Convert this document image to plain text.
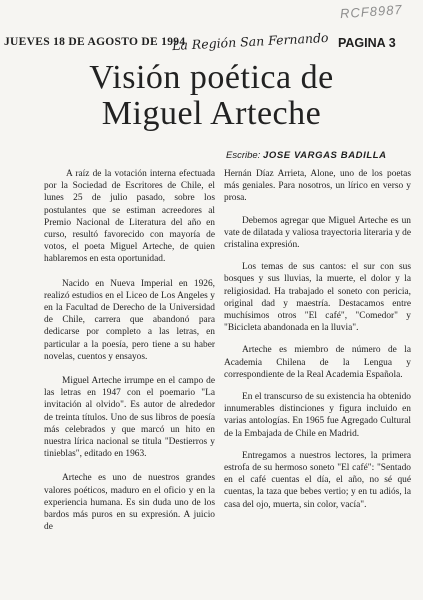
RCF8987
JUEVES 18 DE AGOSTO DE 1994
La Región San Fernando PAGINA 3
Visión poética de
Miguel Arteche
Escribe: JOSE VARGAS BADILLA

A raíz de la votación interna efectuada por la Sociedad de Escritores de Chile, el lunes 25 de julio pasado, sobre los postulantes que se estiman acreedores al Premio Nacional de Literatura del año en curso, resultó favorecido con mayoría de votos, el poeta Miguel Arteche, de quien hablaremos en esta oportunidad.

Nacido en Nueva Imperial en 1926, realizó estudios en el Liceo de Los Angeles y en la Facultad de Derecho de la Universidad de Chile, carrera que abandonó para dedicarse por completo a las letras, en particular a la poesía, pero tiene a su haber novelas, cuentos y ensayos.

Miguel Arteche irrumpe en el campo de las letras en 1947 con el poemario "La invitación al olvido". Es autor de alrededor de treinta títulos. Uno de sus libros de poesía más celebrados y que marcó un hito en nuestra lírica nacional se titula "Destierros y tinieblas", editado en 1963.

Arteche es uno de nuestros grandes valores poéticos, maduro en el oficio y en la experiencia humana. Es sin duda uno de los bardos más puros en su expresión. A juicio de

Hernán Díaz Arrieta, Alone, uno de los poetas más geniales. Para nosotros, un lírico en verso y prosa.

Debemos agregar que Miguel Arteche es un vate de dilatada y valiosa trayectoria literaria y de cristalina expresión.

Los temas de sus cantos: el sur con sus bosques y sus lluvias, la muerte, el dolor y la religiosidad. Ha trabajado el soneto con pericia, original dad y maestría. Destacamos entre muchísimos otros "El café", "Comedor" y "Bicicleta abandonada en la lluvia".

Arteche es miembro de número de la Academia Chilena de la Lengua y correspondiente de la Real Academia Española.

En el transcurso de su existencia ha obtenido innumerables distinciones y figura incluido en varias antologías. En 1965 fue Agregado Cultural de la Embajada de Chile en Madrid.

Entregamos a nuestros lectores, la primera estrofa de su hermoso soneto "El café": "Sentado en el café cuentas el día, el año, no sé qué cuentas, la taza que bebes vertio; y en tu adiós, la casa del ojo, muerta, sin color, vacía".
